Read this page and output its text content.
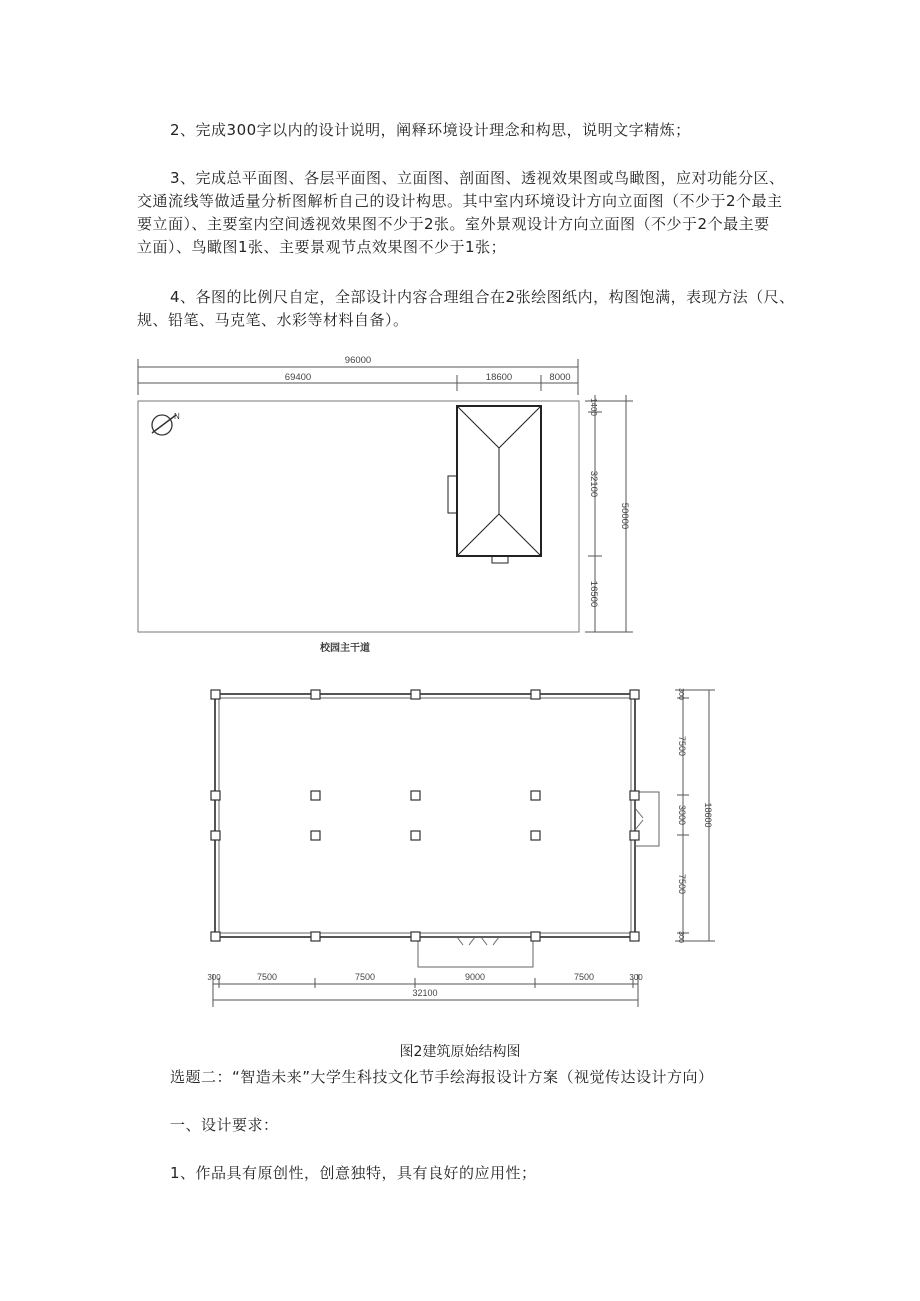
2、完成300字以内的设计说明，阐释环境设计理念和构思，说明文字精炼；
3、完成总平面图、各层平面图、立面图、剖面图、透视效果图或鸟瞰图，应对功能分区、
交通流线等做适量分析图解析自己的设计构思。其中室内环境设计方向立面图（不少于2个最主
要立面）、主要室内空间透视效果图不少于2张。室外景观设计方向立面图（不少于2个最主要
立面）、鸟瞰图1张、主要景观节点效果图不少于1张；
4、各图的比例尺自定，全部设计内容合理组合在2张绘图纸内，构图饱满，表现方法（尺、
规、铅笔、马克笔、水彩等材料自备）。
N
96000
69400	18600	8000
1400
32100
16500
50000
校园主干道
300	7500	7500	9000	7500	300
32100
300
7500
3000
7500
300
18600
图2建筑原始结构图
选题二：“智造未来”大学生科技文化节手绘海报设计方案（视觉传达设计方向）
一、设计要求：
1、作品具有原创性，创意独特，具有良好的应用性；
